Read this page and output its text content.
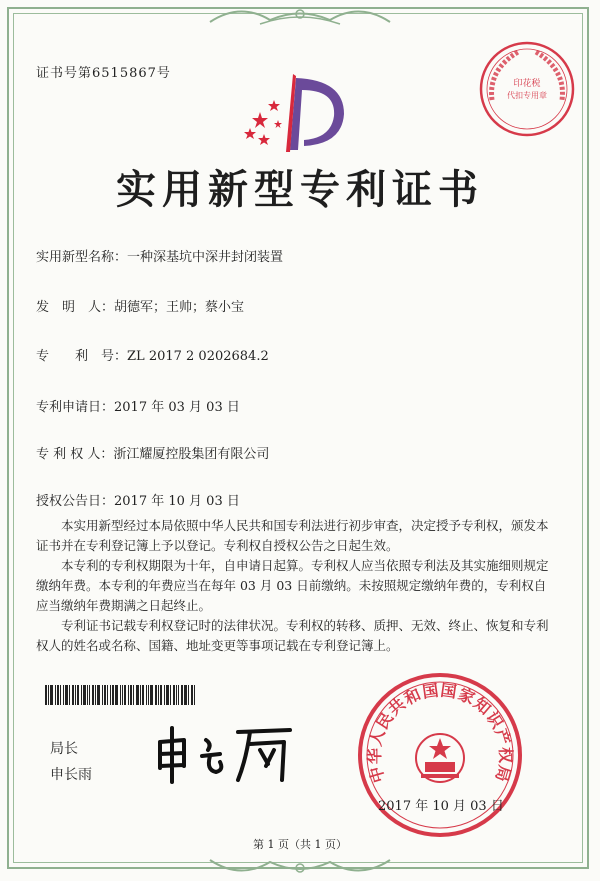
证书号第6515867号
印花税
代扣专用章
实用新型专利证书
实用新型名称：一种深基坑中深井封闭装置
发　明　人：胡德军；王帅；蔡小宝
专　　利　号：ZL 2017 2 0202684.2
专利申请日：2017 年 03 月 03 日
专 利 权 人：浙江耀厦控股集团有限公司
授权公告日：2017 年 10 月 03 日

本实用新型经过本局依照中华人民共和国专利法进行初步审查，决定授予专利权，颁发本证书并在专利登记簿上予以登记。专利权自授权公告之日起生效。

本专利的专利权期限为十年，自申请日起算。专利权人应当依照专利法及其实施细则规定缴纳年费。本专利的年费应当在每年 03 月 03 日前缴纳。未按照规定缴纳年费的，专利权自应当缴纳年费期满之日起终止。

专利证书记载专利权登记时的法律状况。专利权的转移、质押、无效、终止、恢复和专利权人的姓名或名称、国籍、地址变更等事项记载在专利登记簿上。

局长
申长雨	中华人民共和国国家知识产权局
2017 年 10 月 03 日
第 1 页（共 1 页）
